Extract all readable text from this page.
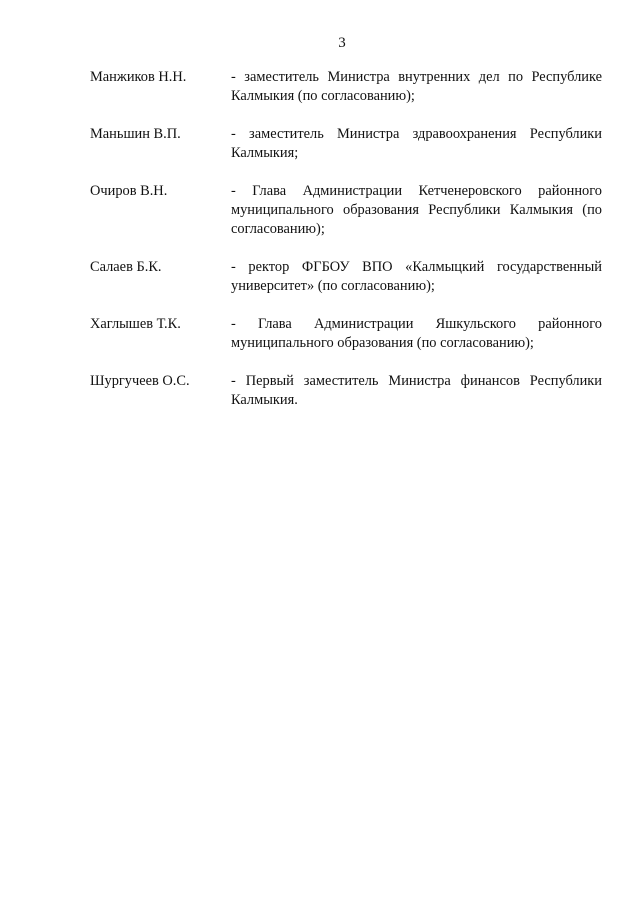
3
Манжиков Н.Н.	- заместитель Министра внутренних дел по Республике Калмыкия (по согласованию);
Маньшин В.П.	- заместитель Министра здравоохранения Республики Калмыкия;
Очиров В.Н.	- Глава Администрации Кетченеровского районного муниципального образования Республики Калмыкия (по согласованию);
Салаев Б.К.	- ректор ФГБОУ ВПО «Калмыцкий государственный университет» (по согласованию);
Хаглышев Т.К.	- Глава Администрации Яшкульского районного муниципального образования (по согласованию);
Шургучеев О.С.	- Первый заместитель Министра финансов Республики Калмыкия.
